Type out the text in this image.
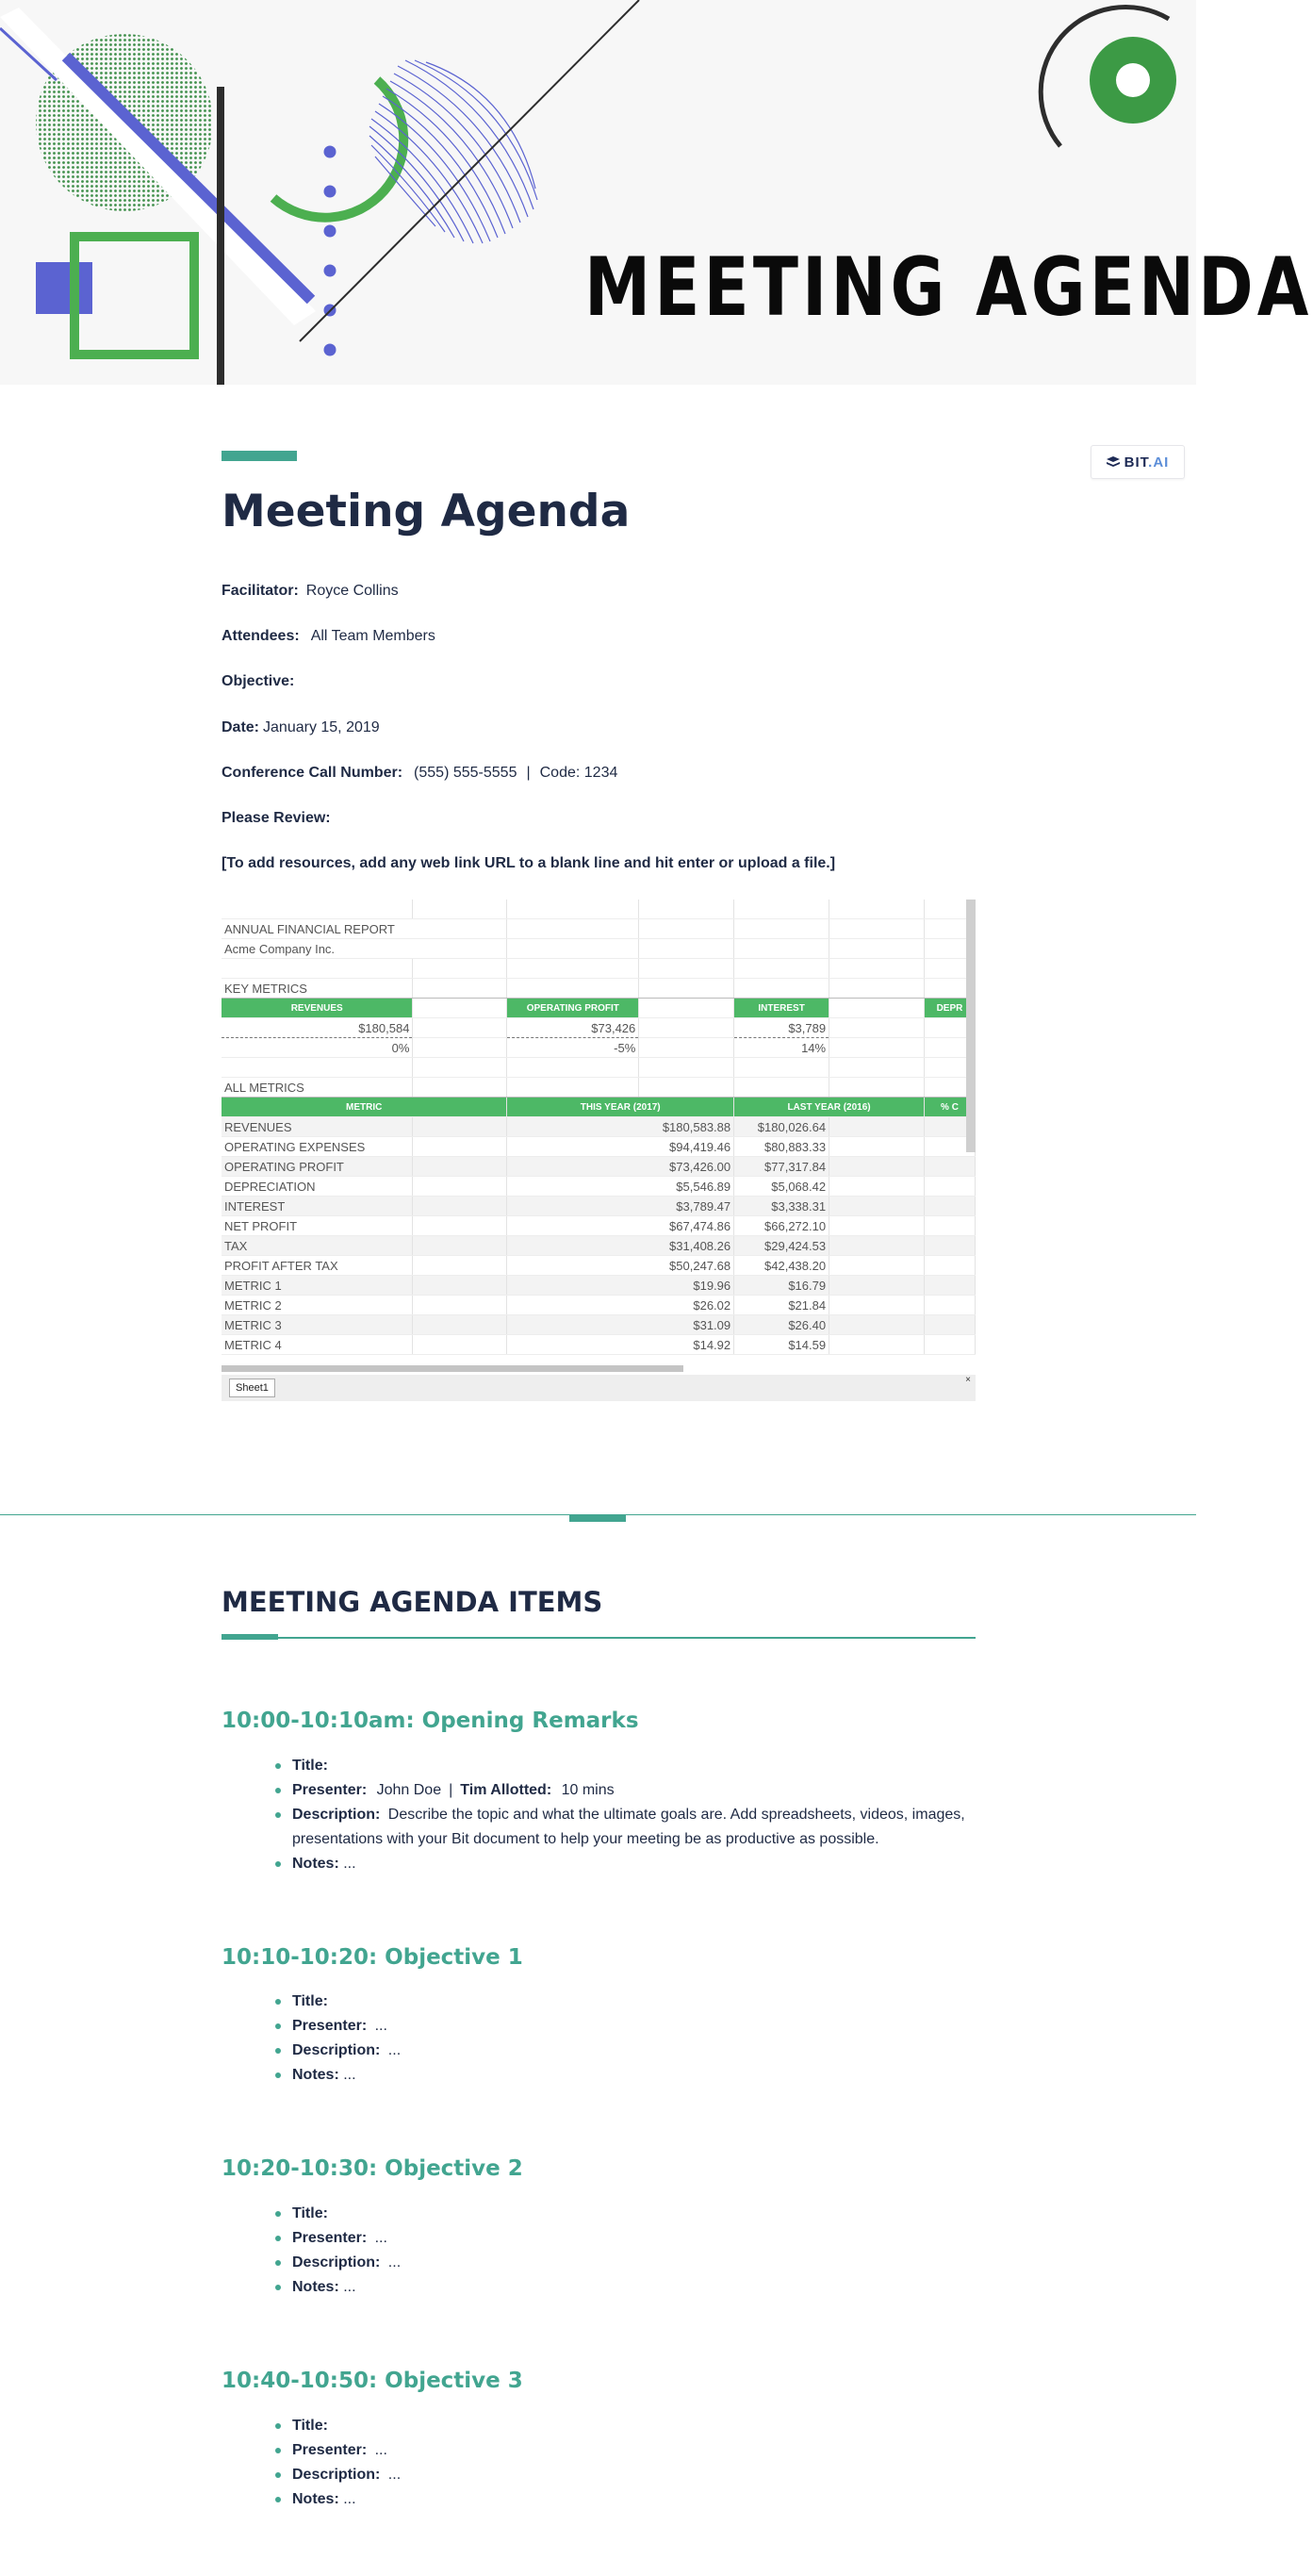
MEETING AGENDA
BIT.AI
Meeting Agenda
Facilitator: Royce Collins
Attendees: All Team Members
Objective:
Date: January 15, 2019
Conference Call Number: (555) 555-5555 | Code: 1234
Please Review:
[To add resources, add any web link URL to a blank line and hit enter or upload a file.]

ANNUAL FINANCIAL REPORT						
Acme Company Inc.						

KEY METRICS						
REVENUES		OPERATING PROFIT		INTEREST		DEPR
$180,584		$73,426		$3,789		
0%		-5%		14%		

ALL METRICS						
METRIC		THIS YEAR (2017)		LAST YEAR (2016)		% C
REVENUES		$180,583.88		$180,026.64		
OPERATING EXPENSES		$94,419.46		$80,883.33		
OPERATING PROFIT		$73,426.00		$77,317.84		
DEPRECIATION		$5,546.89		$5,068.42		
INTEREST		$3,789.47		$3,338.31		
NET PROFIT		$67,474.86		$66,272.10		
TAX		$31,408.26		$29,424.53		
PROFIT AFTER TAX		$50,247.68		$42,438.20		
METRIC 1		$19.96		$16.79		
METRIC 2		$26.02		$21.84		
METRIC 3		$31.09		$26.40		
METRIC 4		$14.92		$14.59		
Sheet1
×
MEETING AGENDA ITEMS
10:00-10:10am: Opening Remarks
Title:
Presenter: John Doe | Tim Allotted: 10 mins
Description: Describe the topic and what the ultimate goals are. Add spreadsheets, videos, images, presentations with your Bit document to help your meeting be as productive as possible.
Notes: ...
10:10-10:20: Objective 1
Title:
Presenter: ...
Description: ...
Notes: ...
10:20-10:30: Objective 2
Title:
Presenter: ...
Description: ...
Notes: ...
10:40-10:50: Objective 3
Title:
Presenter: ...
Description: ...
Notes: ...
